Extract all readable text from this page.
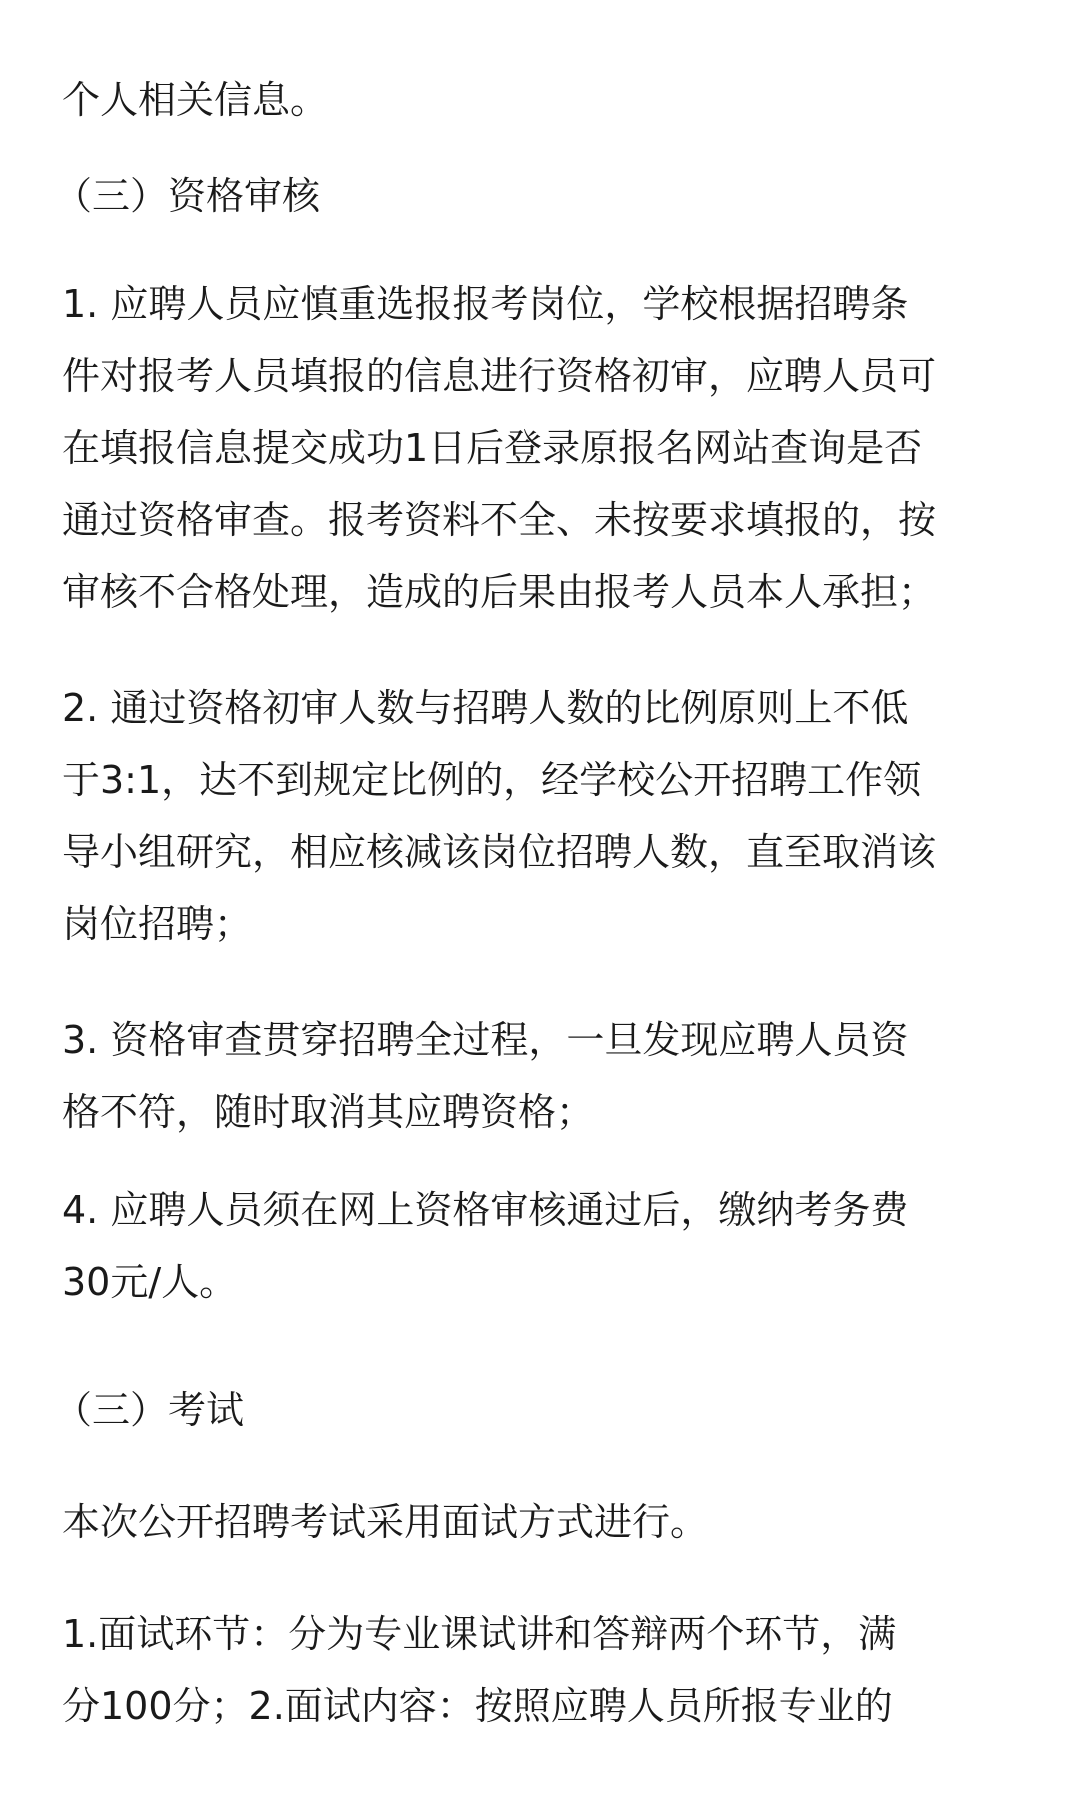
个人相关信息。

（三）资格审核

1. 应聘人员应慎重选报报考岗位，学校根据招聘条
件对报考人员填报的信息进行资格初审，应聘人员可
在填报信息提交成功1日后登录原报名网站查询是否
通过资格审查。报考资料不全、未按要求填报的，按
审核不合格处理，造成的后果由报考人员本人承担；

2. 通过资格初审人数与招聘人数的比例原则上不低
于3:1，达不到规定比例的，经学校公开招聘工作领
导小组研究，相应核减该岗位招聘人数，直至取消该
岗位招聘；

3. 资格审查贯穿招聘全过程，一旦发现应聘人员资
格不符，随时取消其应聘资格；

4. 应聘人员须在网上资格审核通过后，缴纳考务费
30元/人。

（三）考试

本次公开招聘考试采用面试方式进行。

1.面试环节：分为专业课试讲和答辩两个环节，满
分100分；2.面试内容：按照应聘人员所报专业的
